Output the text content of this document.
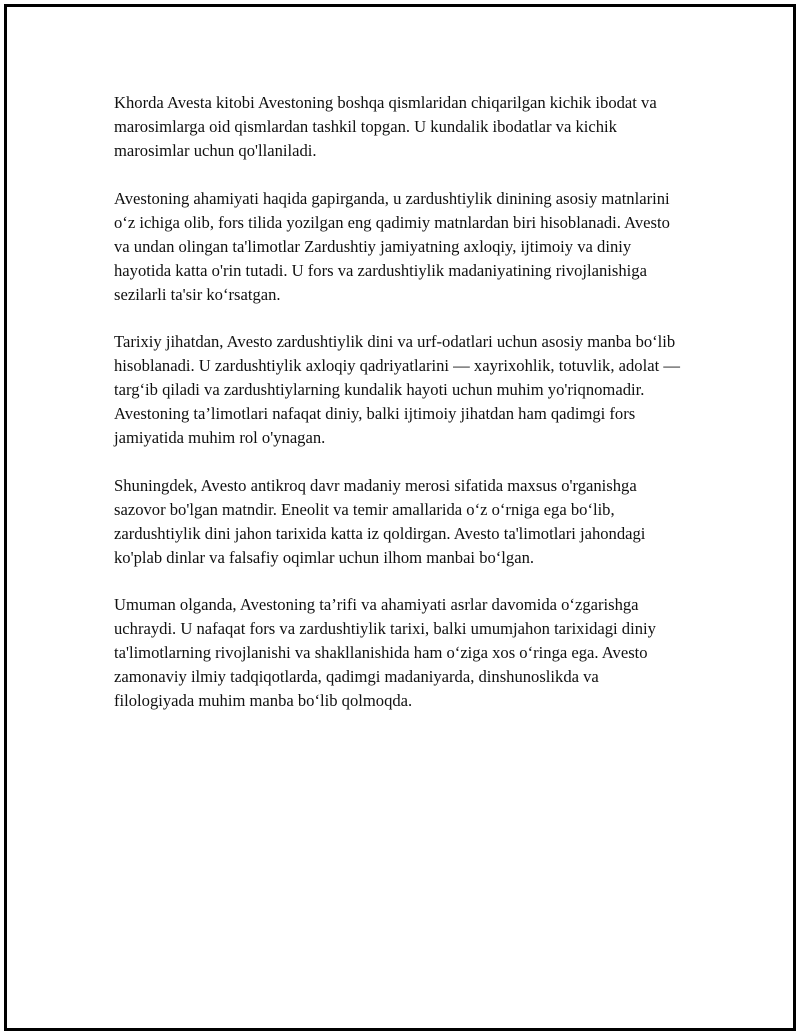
Khorda Avesta kitobi Avestoning boshqa qismlaridan chiqarilgan kichik ibodat va marosimlarga oid qismlardan tashkil topgan. U kundalik ibodatlar va kichik marosimlar uchun qo'llaniladi.

Avestoning ahamiyati haqida gapirganda, u zardushtiylik dinining asosiy matnlarini o‘z ichiga olib, fors tilida yozilgan eng qadimiy matnlardan biri hisoblanadi. Avesto va undan olingan ta'limotlar Zardushtiy jamiyatning axloqiy, ijtimoiy va diniy hayotida katta o'rin tutadi. U fors va zardushtiylik madaniyatining rivojlanishiga sezilarli ta'sir ko‘rsatgan.

Tarixiy jihatdan, Avesto zardushtiylik dini va urf-odatlari uchun asosiy manba bo‘lib hisoblanadi. U zardushtiylik axloqiy qadriyatlarini — xayrixohlik, totuvlik, adolat — targ‘ib qiladi va zardushtiylarning kundalik hayoti uchun muhim yo'riqnomadir. Avestoning ta’limotlari nafaqat diniy, balki ijtimoiy jihatdan ham qadimgi fors jamiyatida muhim rol o'ynagan.

Shuningdek, Avesto antikroq davr madaniy merosi sifatida maxsus o'rganishga sazovor bo'lgan matndir. Eneolit va temir amallarida o‘z o‘rniga ega bo‘lib, zardushtiylik dini jahon tarixida katta iz qoldirgan. Avesto ta'limotlari jahondagi ko'plab dinlar va falsafiy oqimlar uchun ilhom manbai bo‘lgan.

Umuman olganda, Avestoning ta’rifi va ahamiyati asrlar davomida o‘zgarishga uchraydi. U nafaqat fors va zardushtiylik tarixi, balki umumjahon tarixidagi diniy ta'limotlarning rivojlanishi va shakllanishida ham o‘ziga xos o‘ringa ega. Avesto zamonaviy ilmiy tadqiqotlarda, qadimgi madaniyarda, dinshunoslikda va filologiyada muhim manba bo‘lib qolmoqda.
